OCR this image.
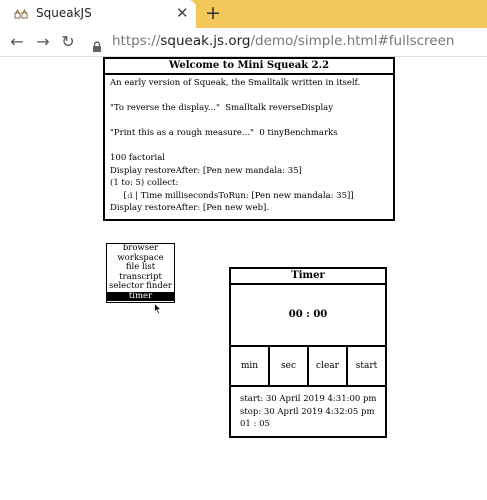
SqueakJS	✕ +
← → ↻	https://squeak.js.org/demo/simple.html#fullscreen
Welcome to Mini Squeak 2.2
An early version of Squeak, the Smalltalk written in itself.
"To reverse the display..."  Smalltalk reverseDisplay
"Print this as a rough measure..."  0 tinyBenchmarks
100 factorial
Display restoreAfter: [Pen new mandala: 35]
(1 to: 5) collect:
[:i | Time millisecondsToRun: [Pen new mandala: 35]]
Display restoreAfter: [Pen new web].
browser
workspace
file list
transcript
selector finder
timer
Timer
00 : 00
min	sec	clear	start
start: 30 April 2019 4:31:00 pm
stop: 30 April 2019 4:32:05 pm
01 : 05
